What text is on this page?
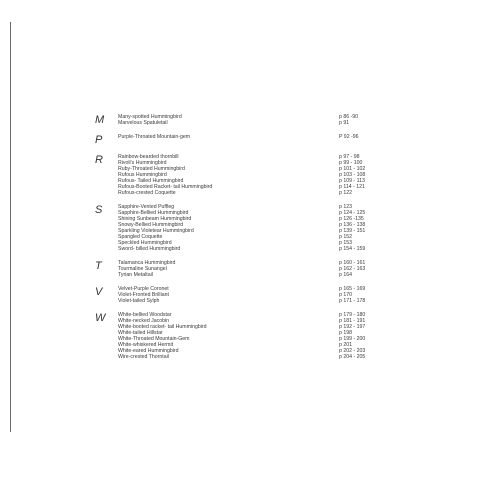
M	Many-spotted Hummingbird	p 86 -90
Marvelous Spatuletail	p 91
P	Purple-Throated Mountain-gem	P 92 -96
R	Rainbow-bearded thornbill	p 97 - 98
Rivoli's Hummingbird	p 99 - 100
Ruby-Throated Hummingbird	p 101 - 102
Rufous Hummingbird	p 103 - 108
Rufous- Tailed Hummingbird	p 109 - 113
Rufous-Booted Racket- tail Hummingbird	p 114 - 121
Rufous-crested Coquette	p 122
S	Sapphire-Vented Puffleg	p 123
Sapphire-Bellied Hummingbird	p 124 - 125
Shining Sunbeam Hummingbird	p 126 -135
Snowy-Bellied Hummingbird	p 136 - 138
Sparkling Violetear Hummingbird	p 139 - 151
Spangled Coquette	p 152
Speckled Hummingbird	p 153
Sword- billed Hummingbird	p 154 - 159
T	Talamanca Hummingbird	p 160 - 161
Tourmaline Sunangel	p 162 - 163
Tyrian Metaltail	p 164
V	Velvet-Purple Coronet	p 165 - 169
Violet-Fronted Brilliant	p 170
Violet-tailed Sylph	p 171 - 178
W	White-bellied Woodstar	p 179 - 180
White-necked Jacobin	p 181 - 191
White-booted racket- tail Hummingbird	p 192 - 197
White-tailed Hillstar	p 198
White-Throated Mountain-Gem	p 199 - 200
White-whiskered Hermit	p 201
White-eared Hummingbird	p 202 - 203
Wire-crested Thorntail	p 204 - 205
